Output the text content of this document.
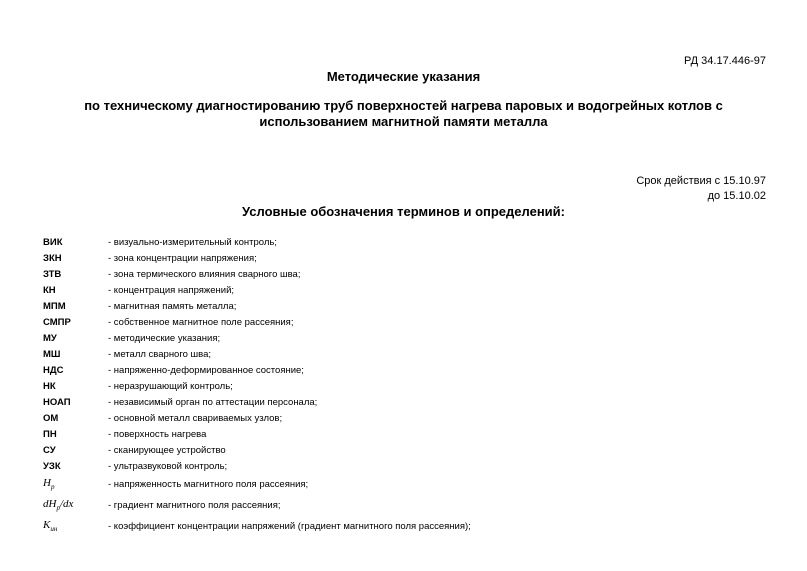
РД 34.17.446-97
Методические указания
по техническому диагностированию труб поверхностей нагрева паровых и водогрейных котлов с использованием магнитной памяти металла
Срок действия с 15.10.97
до 15.10.02
Условные обозначения терминов и определений:
ВИК	- визуально-измерительный контроль;
ЗКН	- зона концентрации напряжения;
ЗТВ	- зона термического влияния сварного шва;
КН	- концентрация напряжений;
МПМ	- магнитная память металла;
СМПР	- собственное магнитное поле рассеяния;
МУ	- методические указания;
МШ	- металл сварного шва;
НДС	- напряженно-деформированное состояние;
НК	- неразрушающий контроль;
НОАП	- независимый орган по аттестации персонала;
ОМ	- основной металл свариваемых узлов;
ПН	- поверхность нагрева
СУ	- сканирующее устройство
УЗК	- ультразвуковой контроль;
$H_p$	- напряженность магнитного поля рассеяния;
$dH_p/dx$	- градиент магнитного поля рассеяния;
$K_{ин}$	- коэффициент концентрации напряжений (градиент магнитного поля рассеяния);
